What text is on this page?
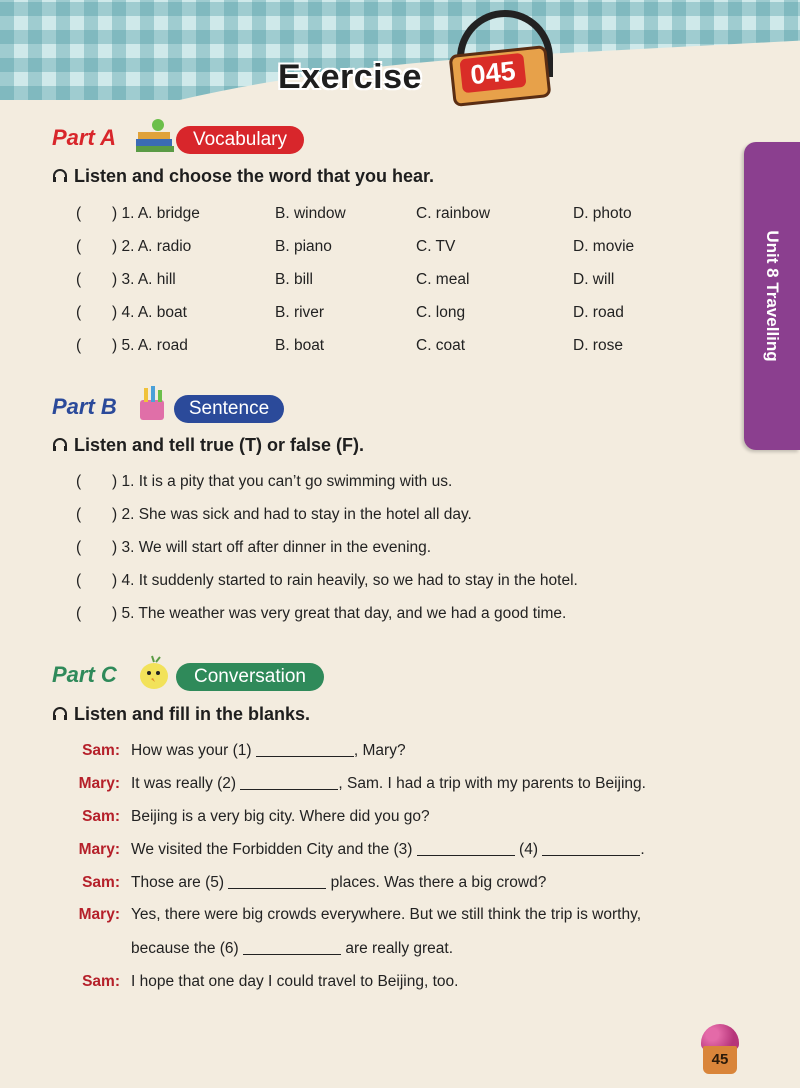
Exercise	045
Unit 8 Travelling
Part A	Vocabulary
Listen and choose the word that you hear.
( ) 1. A. bridge	B. window	C. rainbow	D. photo
( ) 2. A. radio	B. piano	C. TV	D. movie
( ) 3. A. hill	B. bill	C. meal	D. will
( ) 4. A. boat	B. river	C. long	D. road
( ) 5. A. road	B. boat	C. coat	D. rose
Part B	Sentence
Listen and tell true (T) or false (F).
( ) 1. It is a pity that you can’t go swimming with us.
( ) 2. She was sick and had to stay in the hotel all day.
( ) 3. We will start off after dinner in the evening.
( ) 4. It suddenly started to rain heavily, so we had to stay in the hotel.
( ) 5. The weather was very great that day, and we had a good time.
Part C	Conversation
Listen and fill in the blanks.
Sam: How was your (1)	, Mary?
Mary: It was really (2)	, Sam. I had a trip with my parents to Beijing.
Sam: Beijing is a very big city. Where did you go?
Mary: We visited the Forbidden City and the (3)	(4)	.
Sam: Those are (5)	places. Was there a big crowd?
Mary: Yes, there were big crowds everywhere. But we still think the trip is worthy,
because the (6)	are really great.
Sam: I hope that one day I could travel to Beijing, too.
45
